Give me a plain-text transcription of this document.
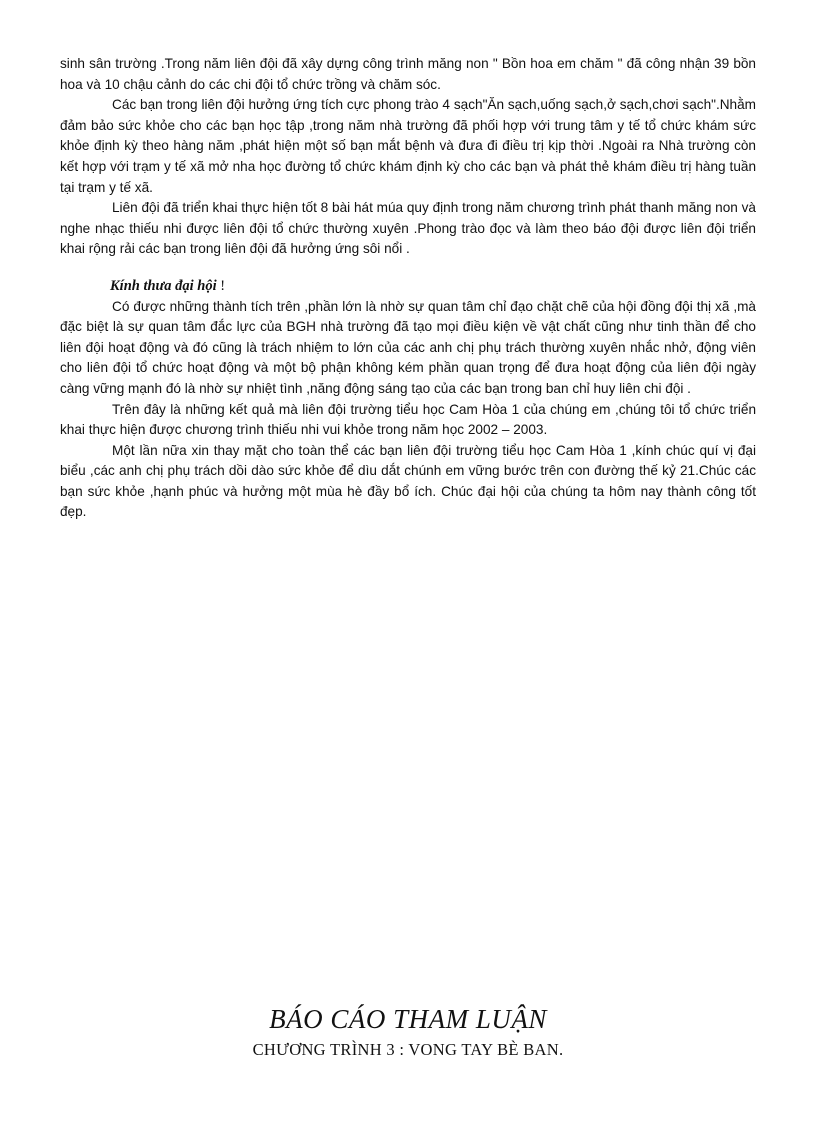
sinh sân trường .Trong năm liên đội đã xây dựng công trình măng non " Bồn hoa em chăm " đã công nhận 39 bồn hoa và 10 chậu cảnh do các chi đội tổ chức trồng và chăm sóc.

Các bạn trong liên đội hưởng ứng tích cực phong trào 4 sạch"Ăn sạch,uống sạch,ở sạch,chơi sạch".Nhằm đảm bảo sức khỏe cho các bạn học tập ,trong năm nhà trường đã phối hợp với trung tâm y tế tổ chức khám sức khỏe định kỳ theo hàng năm ,phát hiện một số bạn mắt bệnh và đưa đi điều trị kịp thời .Ngoài ra Nhà trường còn kết hợp với trạm y tế xã mở nha học đường tổ chức khám định kỳ cho các bạn và phát thẻ khám điều trị hàng tuần tại trạm y tế xã.

Liên đội đã triển khai thực hiện tốt 8 bài hát múa quy định trong năm chương trình phát thanh măng non và nghe nhạc thiếu nhi được liên đội tổ chức thường xuyên .Phong trào đọc và làm theo báo đội được liên đội triển khai rộng rải các bạn trong liên đội đã hưởng ứng sôi nổi .

Kính thưa đại hội !

Có được những thành tích trên ,phần lớn là nhờ sự quan tâm chỉ đạo chặt chẽ của hội đồng đội thị xã ,mà đặc biệt là sự quan tâm đắc lực của BGH nhà trường đã tạo mọi điều kiện về vật chất cũng như tinh thần để cho liên đội hoạt động và đó cũng là trách nhiệm to lớn của các anh chị phụ trách thường xuyên nhắc nhở, động viên cho liên đội tổ chức hoạt động và một bộ phận không kém phần quan trọng để đưa hoạt động của liên đội ngày càng vững mạnh đó là nhờ sự nhiệt tình ,năng động sáng tạo của các bạn trong ban chỉ huy liên chi đội .

Trên đây là những kết quả mà liên đội trường tiểu học Cam Hòa 1 của chúng em ,chúng tôi tổ chức triển khai thực hiện được chương trình thiếu nhi vui khỏe trong năm học 2002 – 2003.

Một lần nữa xin thay mặt cho toàn thể các bạn liên đội trường tiểu học Cam Hòa 1 ,kính chúc quí vị đại biểu ,các anh chị phụ trách dồi dào sức khỏe để dìu dắt chúnh em vững bước trên con đường thế kỷ 21.Chúc các bạn sức khỏe ,hạnh phúc và hưởng một mùa hè đầy bổ ích. Chúc đại hội của chúng ta hôm nay thành công tốt đẹp.

BÁO CÁO THAM LUẬN
CHƯƠNG TRÌNH 3 : VONG TAY BÈ BAN.
